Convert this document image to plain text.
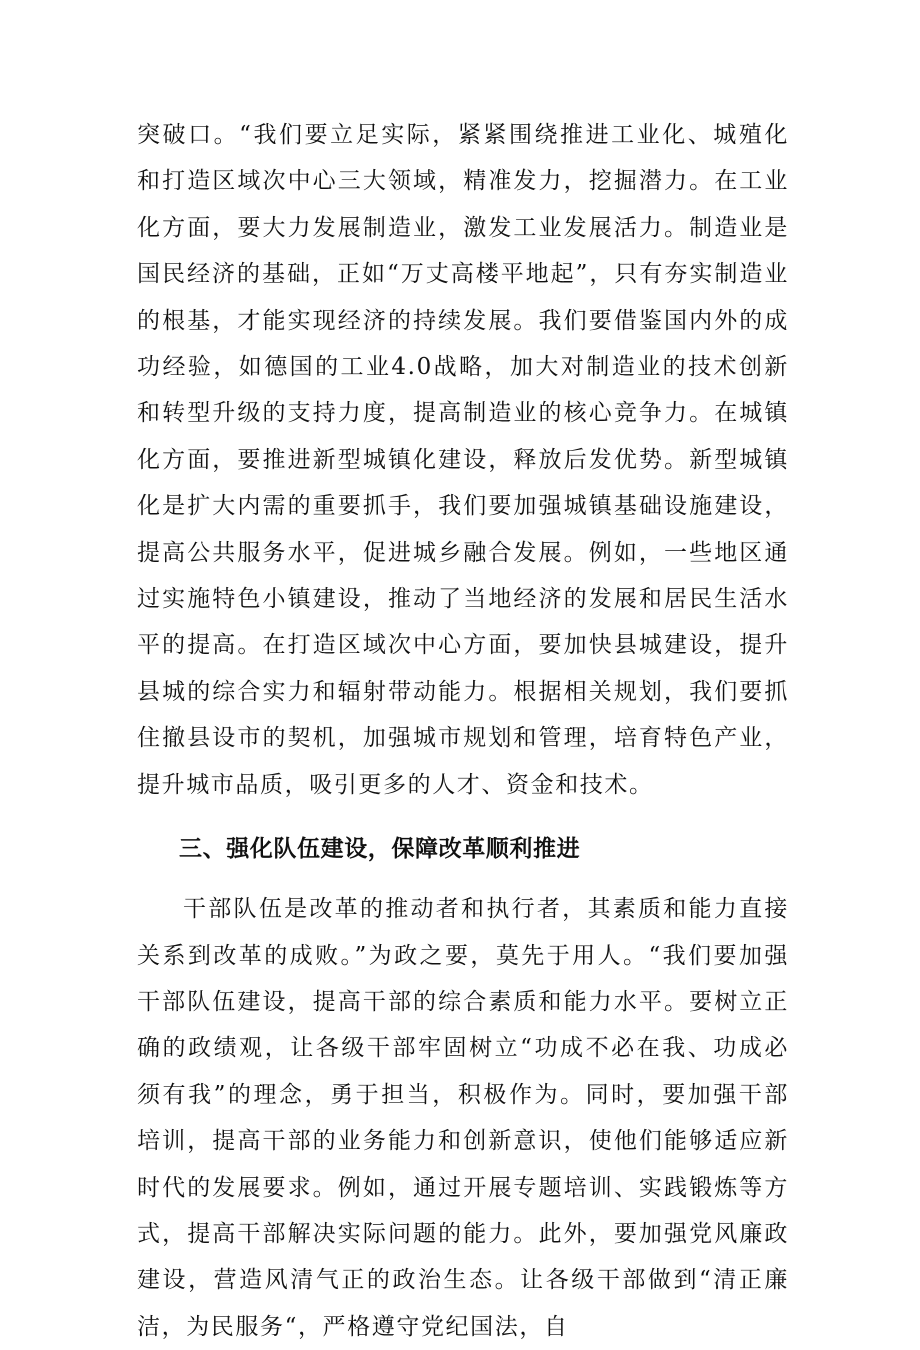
突破口。“我们要立足实际，紧紧围绕推进工业化、城殖化和打造区域次中心三大领域，精准发力，挖掘潜力。在工业化方面，要大力发展制造业，激发工业发展活力。制造业是国民经济的基础，正如“万丈高楼平地起”，只有夯实制造业的根基，才能实现经济的持续发展。我们要借鉴国内外的成功经验，如德国的工业4.0战略，加大对制造业的技术创新和转型升级的支持力度，提高制造业的核心竞争力。在城镇化方面，要推进新型城镇化建设，释放后发优势。新型城镇化是扩大内需的重要抓手，我们要加强城镇基础设施建设，提高公共服务水平，促进城乡融合发展。例如，一些地区通过实施特色小镇建设，推动了当地经济的发展和居民生活水平的提高。在打造区域次中心方面，要加快县城建设，提升县城的综合实力和辐射带动能力。根据相关规划，我们要抓住撤县设市的契机，加强城市规划和管理，培育特色产业，提升城市品质，吸引更多的人才、资金和技术。

三、强化队伍建设，保障改革顺利推进

干部队伍是改革的推动者和执行者，其素质和能力直接关系到改革的成败。”为政之要，莫先于用人。“我们要加强干部队伍建设，提高干部的综合素质和能力水平。要树立正确的政绩观，让各级干部牢固树立“功成不必在我、功成必须有我”的理念，勇于担当，积极作为。同时，要加强干部培训，提高干部的业务能力和创新意识，使他们能够适应新时代的发展要求。例如，通过开展专题培训、实践锻炼等方式，提高干部解决实际问题的能力。此外，要加强党风廉政建设，营造风清气正的政治生态。让各级干部做到“清正廉洁，为民服务“，严格遵守党纪国法，自
